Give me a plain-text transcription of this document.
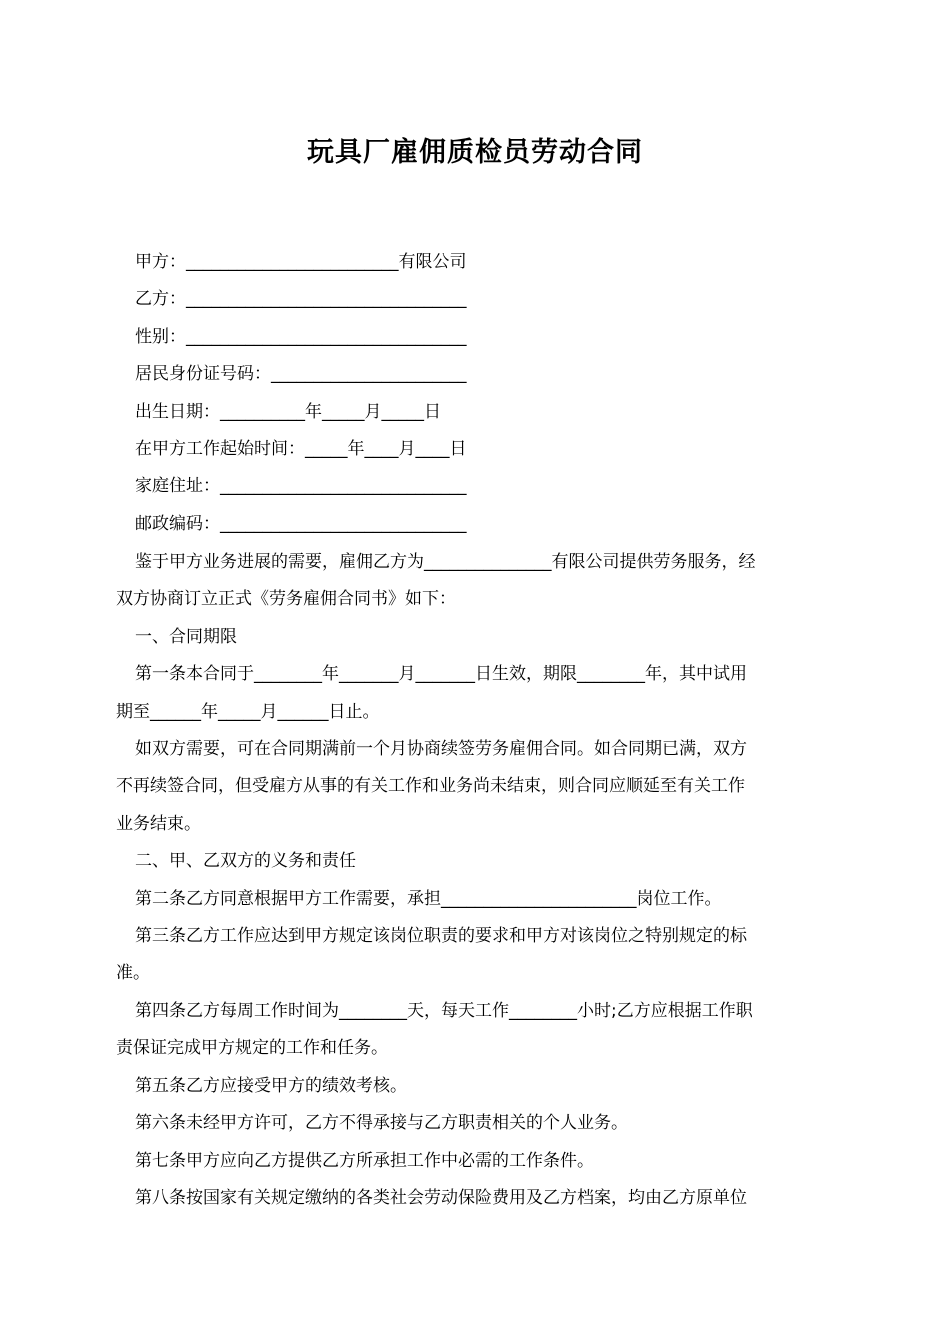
玩具厂雇佣质检员劳动合同
甲方：_________________________有限公司
乙方：_________________________________
性别：_________________________________
居民身份证号码：_______________________
出生日期：__________年_____月_____日
在甲方工作起始时间：_____年____月____日
家庭住址：_____________________________
邮政编码：_____________________________

鉴于甲方业务进展的需要，雇佣乙方为_______________有限公司提供劳务服务，经
双方协商订立正式《劳务雇佣合同书》如下：

一、合同期限

第一条本合同于________年_______月_______日生效，期限________年，其中试用
期至______年_____月______日止。

如双方需要，可在合同期满前一个月协商续签劳务雇佣合同。如合同期已满，双方
不再续签合同，但受雇方从事的有关工作和业务尚未结束，则合同应顺延至有关工作
业务结束。

二、甲、乙双方的义务和责任

第二条乙方同意根据甲方工作需要，承担_______________________岗位工作。

第三条乙方工作应达到甲方规定该岗位职责的要求和甲方对该岗位之特别规定的标
准。

第四条乙方每周工作时间为________天，每天工作________小时;乙方应根据工作职
责保证完成甲方规定的工作和任务。

第五条乙方应接受甲方的绩效考核。

第六条未经甲方许可，乙方不得承接与乙方职责相关的个人业务。

第七条甲方应向乙方提供乙方所承担工作中必需的工作条件。

第八条按国家有关规定缴纳的各类社会劳动保险费用及乙方档案，均由乙方原单位
